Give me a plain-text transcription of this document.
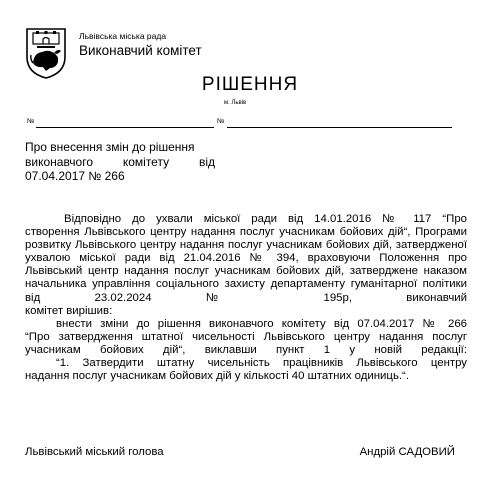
Львівська міська рада
Виконавчий комітет
РІШЕННЯ
м. Львів
№	№
Про внесення змін до рішення
виконавчого комітету від
07.04.2017 № 266

Відповідно до ухвали міської ради від 14.01.2016 № 117 “Про

створення Львівського центру надання послуг учасникам бойових дій“, Програми розвитку Львівського центру надання послуг учасникам бойових дій, затвердженої ухвалою міської ради від 21.04.2016 № 394, враховуючи Положення про Львівський центр надання послуг учасникам бойових дій, затверджене наказом начальника управління соціального захисту департаменту гуманітарної політики від 23.02.2024 № 195р, виконавчий

комітет вирішив:

внести зміни до рішення виконавчого комітету від 07.04.2017 № 266

“Про затвердження штатної чисельності Львівського центру надання послуг учасникам бойових дій“, виклавши пункт 1 у новій редакції:

“1. Затвердити штатну чисельність працівників Львівського центру

надання послуг учасникам бойових дій у кількості 40 штатних одиниць.“.

Львівський міський голова	Андрій САДОВИЙ
